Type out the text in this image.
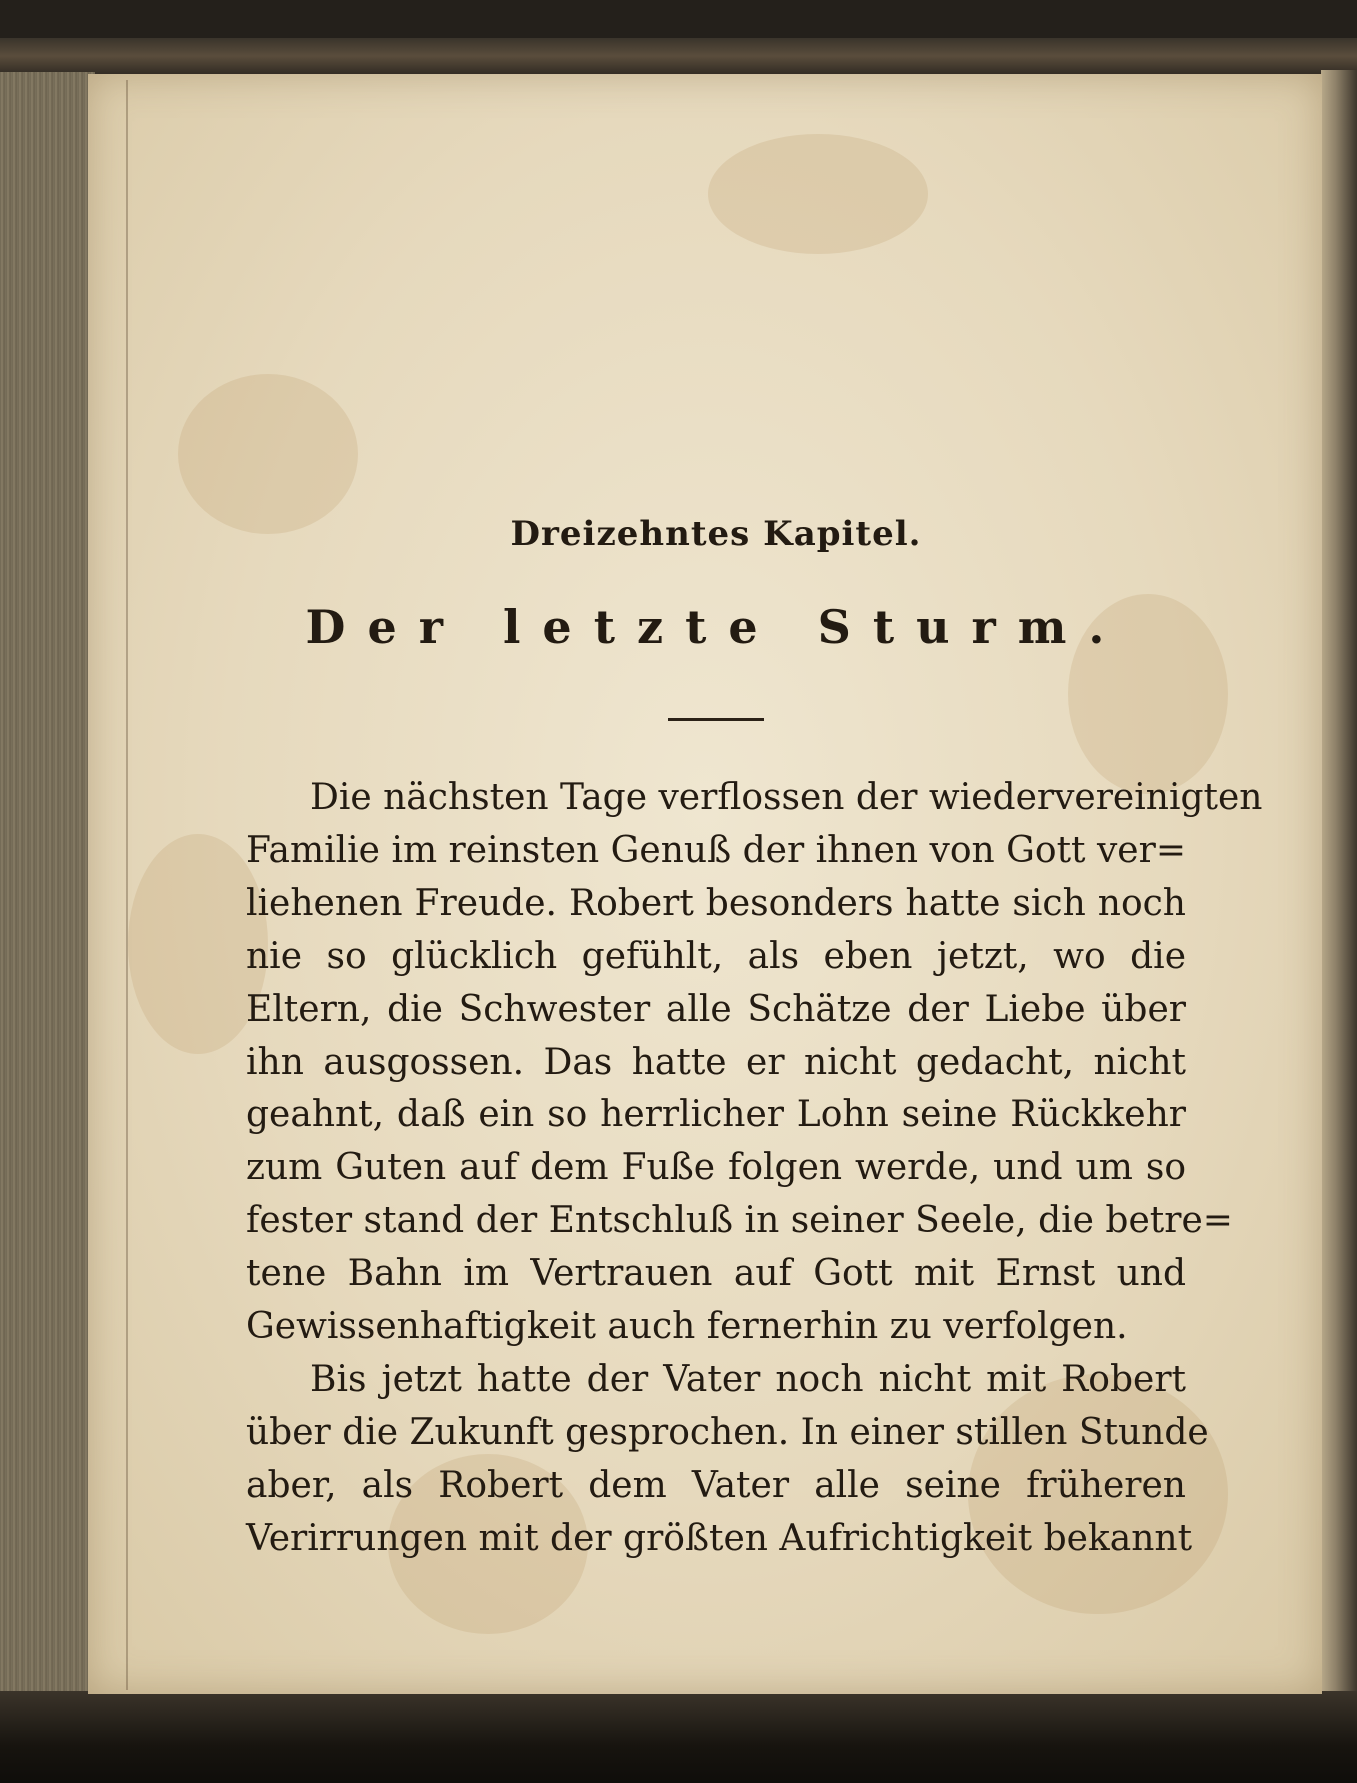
Dreizehntes Kapitel.
Der letzte Sturm.
Die nächsten Tage verflossen der wiedervereinigten
Familie im reinsten Genuß der ihnen von Gott ver=
liehenen Freude. Robert besonders hatte sich noch
nie so glücklich gefühlt, als eben jetzt, wo die
Eltern, die Schwester alle Schätze der Liebe über
ihn ausgossen. Das hatte er nicht gedacht, nicht
geahnt, daß ein so herrlicher Lohn seine Rückkehr
zum Guten auf dem Fuße folgen werde, und um so
fester stand der Entschluß in seiner Seele, die betre=
tene Bahn im Vertrauen auf Gott mit Ernst und
Gewissenhaftigkeit auch fernerhin zu verfolgen.
Bis jetzt hatte der Vater noch nicht mit Robert
über die Zukunft gesprochen. In einer stillen Stunde
aber, als Robert dem Vater alle seine früheren
Verirrungen mit der größten Aufrichtigkeit bekannt
